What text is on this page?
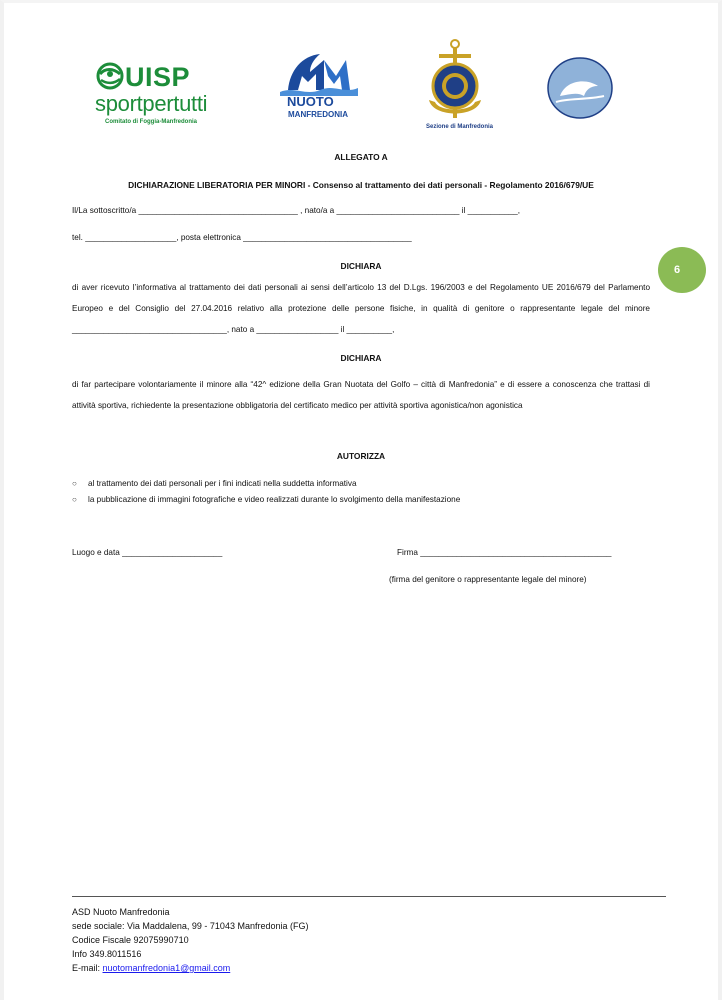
UISP
sportpertutti
Comitato di Foggia-Manfredonia
NUOTO
MANFREDONIA
Sezione di Manfredonia
6
ALLEGATO A
DICHIARAZIONE LIBERATORIA PER MINORI - Consenso al trattamento dei dati personali - Regolamento 2016/679/UE
Il/La sottoscritto/a ___________________________________ , nato/a a ___________________________ il ___________,
tel. ____________________, posta elettronica _____________________________________
DICHIARA
di aver ricevuto l’informativa al trattamento dei dati personali ai sensi dell’articolo 13 del D.Lgs. 196/2003 e del Regolamento UE 2016/679 del Parlamento Europeo e del Consiglio del 27.04.2016 relativo alla protezione delle persone fisiche, in qualità di genitore o rappresentante legale del minore __________________________________, nato a __________________ il __________,
DICHIARA
di far partecipare volontariamente il minore alla “42^ edizione della Gran Nuotata del Golfo – città di Manfredonia” e di essere a conoscenza che trattasi di attività sportiva, richiedente la presentazione obbligatoria del certificato medico per attività sportiva agonistica/non agonistica
AUTORIZZA
○	al trattamento dei dati personali per i fini indicati nella suddetta informativa
○	la pubblicazione di immagini fotografiche e video realizzati durante lo svolgimento della manifestazione
Luogo e data ______________________	Firma __________________________________________
(firma del genitore o rappresentante legale del minore)
ASD Nuoto Manfredonia
sede sociale: Via Maddalena, 99 - 71043 Manfredonia (FG)
Codice Fiscale 92075990710
Info 349.8011516
E-mail: nuotomanfredonia1@gmail.com
